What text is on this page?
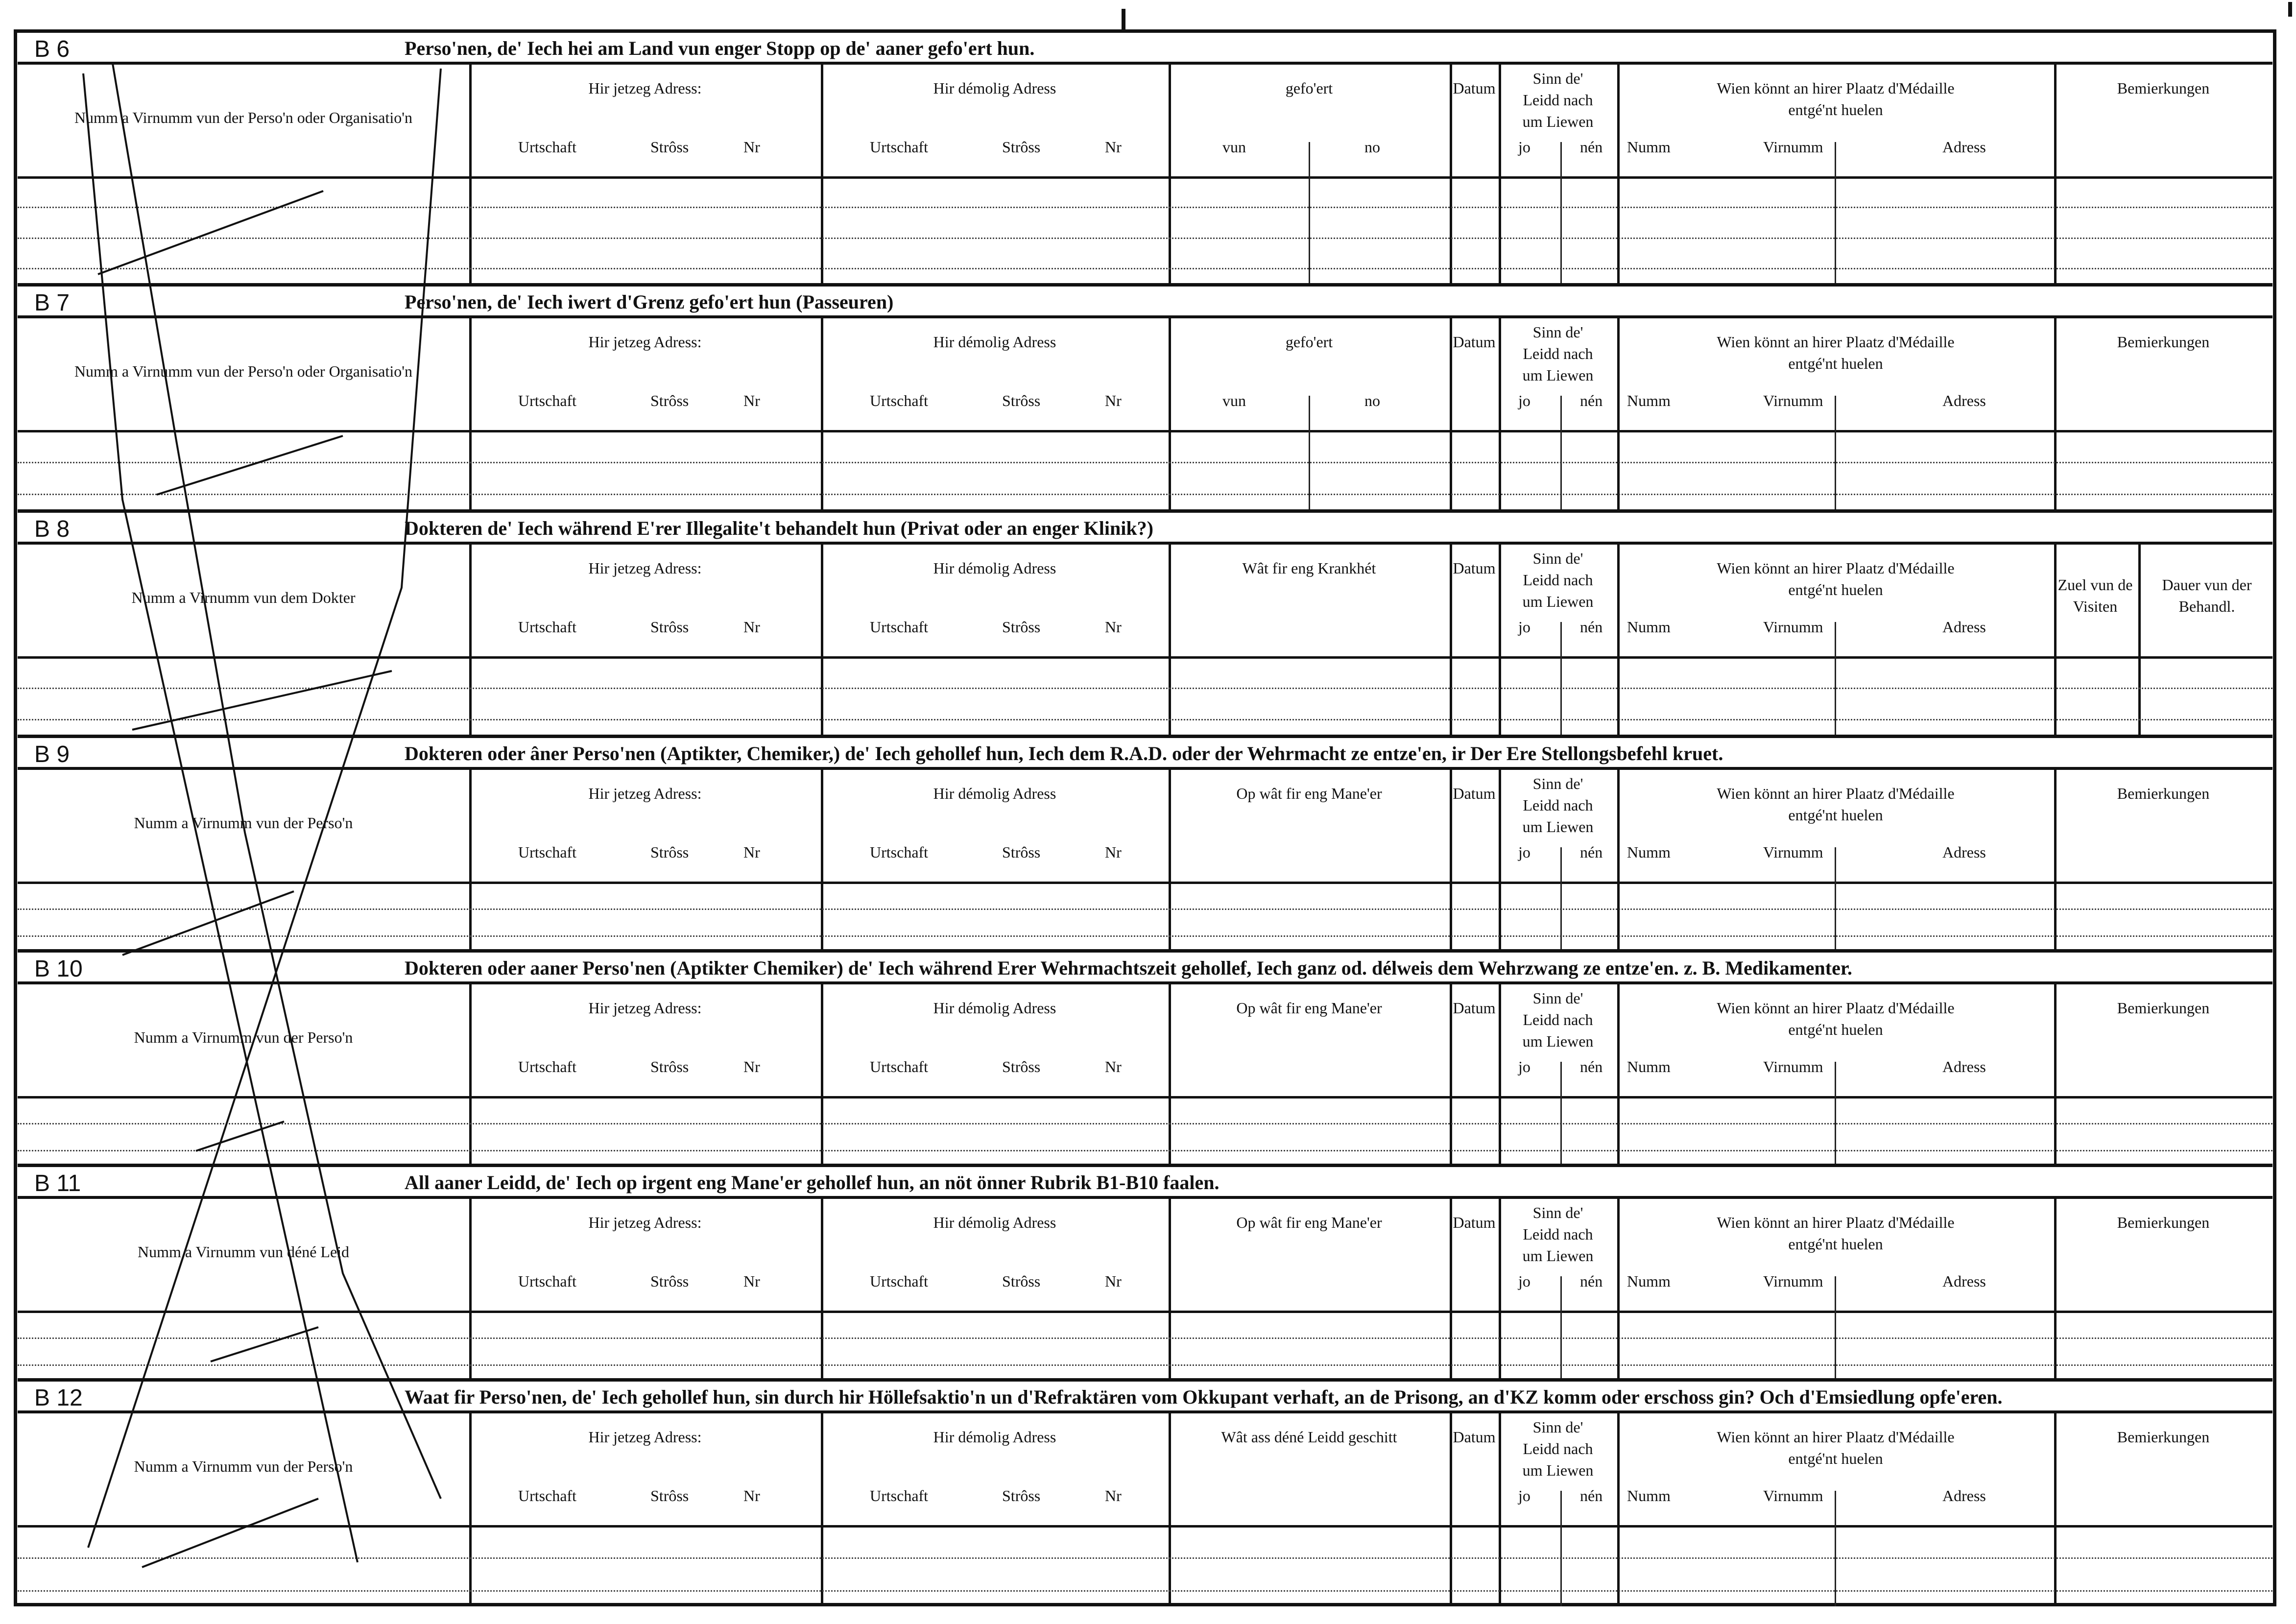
B 6	Perso'nen, de' Iech hei am Land vun enger Stopp op de' aaner gefo'ert hun.
Numm a Virnumm vun der Perso'n oder Organisatio'n
Hir jetzeg Adress:
Urtschaft	Strôss	Nr
Hir démolig Adress
Urtschaft	Strôss	Nr
gefo'ert
vun	no
Datum
Sinn de'
Leidd nach
um Liewen
jo	nén
Wien könnt an hirer Plaatz d'Médaille
entgé'nt huelen
Numm	Virnumm	Adress
Bemierkungen
B 7	Perso'nen, de' Iech iwert d'Grenz gefo'ert hun (Passeuren)
Numm a Virnumm vun der Perso'n oder Organisatio'n
Hir jetzeg Adress:
Urtschaft	Strôss	Nr
Hir démolig Adress
Urtschaft	Strôss	Nr
gefo'ert
vun	no
Datum
Sinn de'
Leidd nach
um Liewen
jo	nén
Wien könnt an hirer Plaatz d'Médaille
entgé'nt huelen
Numm	Virnumm	Adress
Bemierkungen
B 8	Dokteren de' Iech während E'rer Illegalite't behandelt hun (Privat oder an enger Klinik?)
Numm a Virnumm vun dem Dokter
Hir jetzeg Adress:
Urtschaft	Strôss	Nr
Hir démolig Adress
Urtschaft	Strôss	Nr
Wât fir eng Krankhét	Datum
Sinn de'
Leidd nach
um Liewen
jo	nén
Wien könnt an hirer Plaatz d'Médaille
entgé'nt huelen
Numm	Virnumm	Adress
Zuel vun de Visiten
Dauer vun der Behandl.
B 9	Dokteren oder âner Perso'nen (Aptikter, Chemiker,) de' Iech gehollef hun, Iech dem R.A.D. oder der Wehrmacht ze entze'en, ir Der Ere Stellongsbefehl kruet.
Numm a Virnumm vun der Perso'n
Hir jetzeg Adress:
Urtschaft	Strôss	Nr
Hir démolig Adress
Urtschaft	Strôss	Nr
Op wât fir eng Mane'er	Datum
Sinn de'
Leidd nach
um Liewen
jo	nén
Wien könnt an hirer Plaatz d'Médaille
entgé'nt huelen
Numm	Virnumm	Adress
Bemierkungen
B 10	Dokteren oder aaner Perso'nen (Aptikter Chemiker) de' Iech während Erer Wehrmachtszeit gehollef, Iech ganz od. délweis dem Wehrzwang ze entze'en. z. B. Medikamenter.
Numm a Virnumm vun der Perso'n
Hir jetzeg Adress:
Urtschaft	Strôss	Nr
Hir démolig Adress
Urtschaft	Strôss	Nr
Op wât fir eng Mane'er	Datum
Sinn de'
Leidd nach
um Liewen
jo	nén
Wien könnt an hirer Plaatz d'Médaille
entgé'nt huelen
Numm	Virnumm	Adress
Bemierkungen
B 11	All aaner Leidd, de' Iech op irgent eng Mane'er gehollef hun, an nöt önner Rubrik B1-B10 faalen.
Numm a Virnumm vun déné Leid
Hir jetzeg Adress:
Urtschaft	Strôss	Nr
Hir démolig Adress
Urtschaft	Strôss	Nr
Op wât fir eng Mane'er	Datum
Sinn de'
Leidd nach
um Liewen
jo	nén
Wien könnt an hirer Plaatz d'Médaille
entgé'nt huelen
Numm	Virnumm	Adress
Bemierkungen
B 12	Waat fir Perso'nen, de' Iech gehollef hun, sin durch hir Höllefsaktio'n un d'Refraktären vom Okkupant verhaft, an de Prisong, an d'KZ komm oder erschoss gin? Och d'Emsiedlung opfe'eren.
Numm a Virnumm vun der Perso'n
Hir jetzeg Adress:
Urtschaft	Strôss	Nr
Hir démolig Adress
Urtschaft	Strôss	Nr
Wât ass déné Leidd geschitt	Datum
Sinn de'
Leidd nach
um Liewen
jo	nén
Wien könnt an hirer Plaatz d'Médaille
entgé'nt huelen
Numm	Virnumm	Adress
Bemierkungen
